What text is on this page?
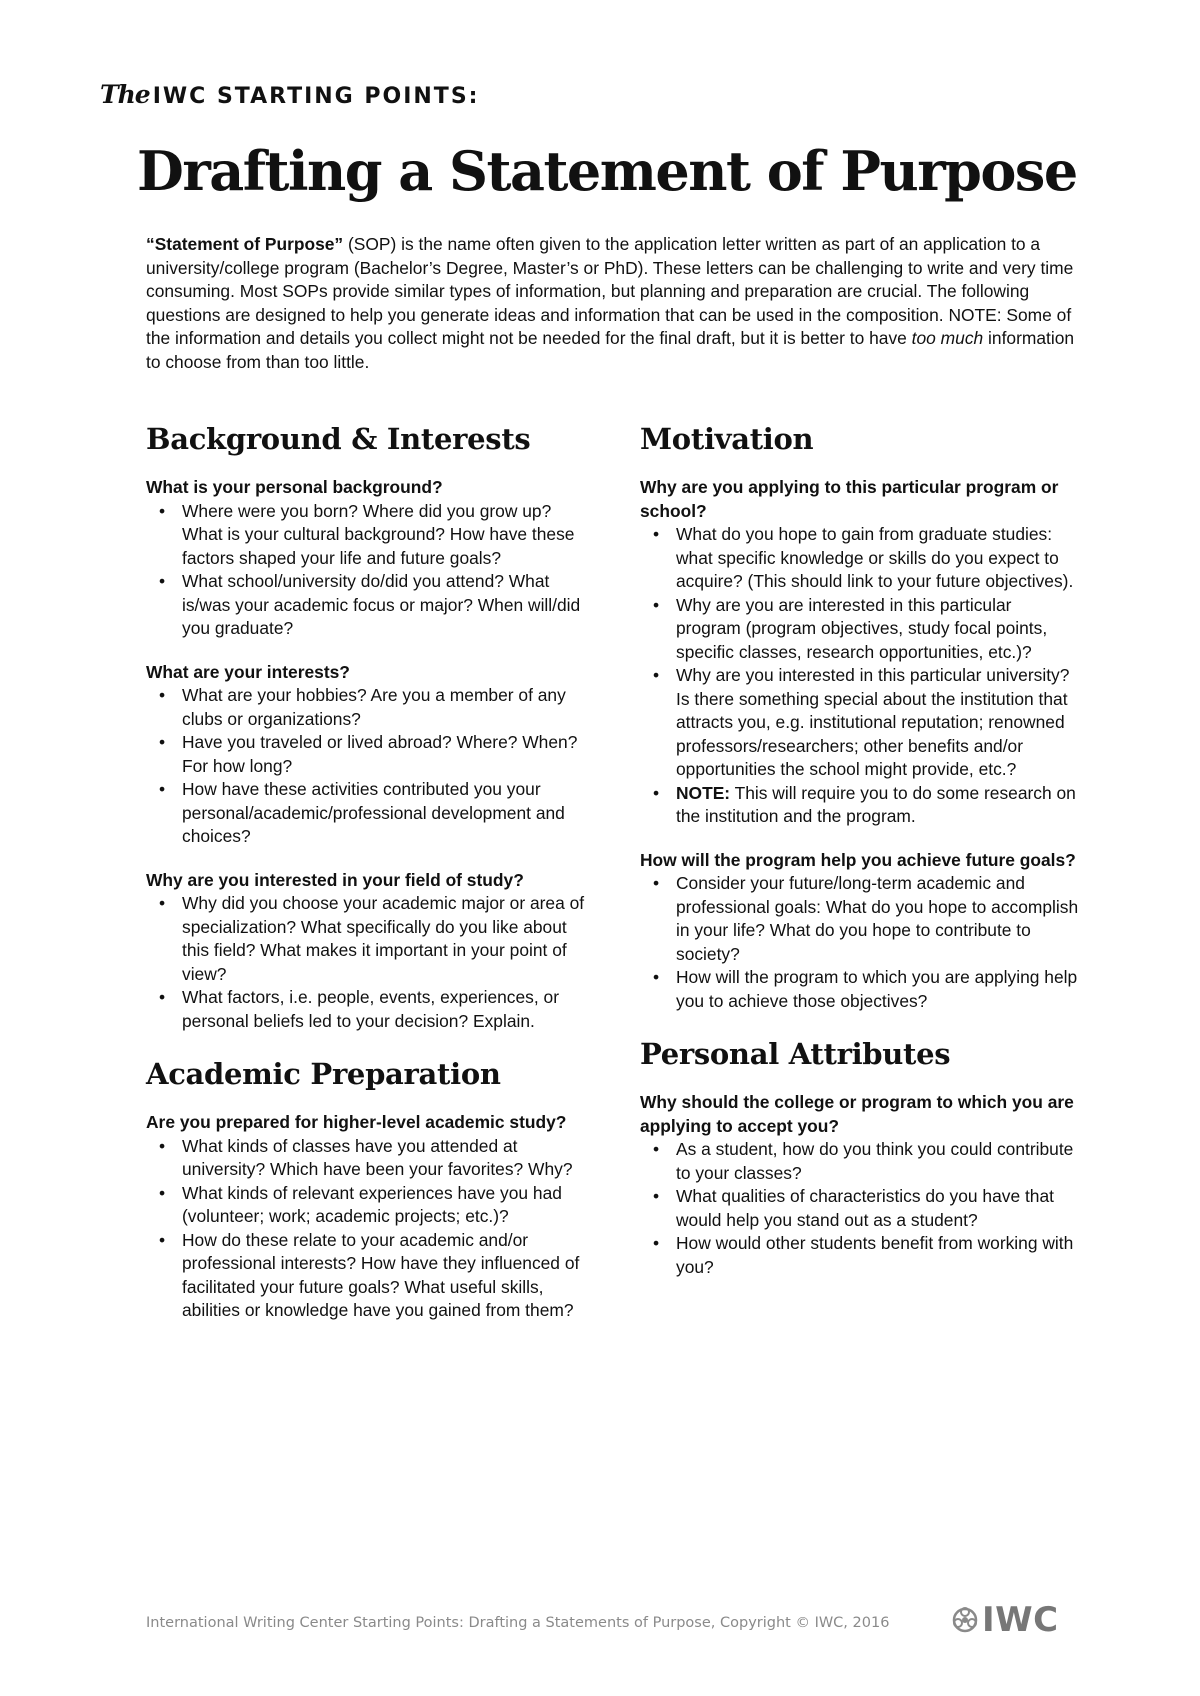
The IWC STARTING POINTS:
Drafting a Statement of Purpose

“Statement of Purpose” (SOP) is the name often given to the application letter written as part of an application to a university/college program (Bachelor’s Degree, Master’s or PhD). These letters can be challenging to write and very time consuming. Most SOPs provide similar types of information, but planning and preparation are crucial. The following questions are designed to help you generate ideas and information that can be used in the composition. NOTE: Some of the information and details you collect might not be needed for the final draft, but it is better to have too much information to choose from than too little.

Background & Interests

What is your personal background?

• Where were you born? Where did you grow up? What is your cultural background? How have these factors shaped your life and future goals?
• What school/university do/did you attend? What is/was your academic focus or major? When will/did you graduate?

What are your interests?

• What are your hobbies? Are you a member of any clubs or organizations?
• Have you traveled or lived abroad? Where? When? For how long?
• How have these activities contributed you your personal/academic/professional development and choices?

Why are you interested in your field of study?

• Why did you choose your academic major or area of specialization? What specifically do you like about this field? What makes it important in your point of view?
• What factors, i.e. people, events, experiences, or personal beliefs led to your decision? Explain.
Academic Preparation

Are you prepared for higher-level academic study?

• What kinds of classes have you attended at university? Which have been your favorites? Why?
• What kinds of relevant experiences have you had (volunteer; work; academic projects; etc.)?
• How do these relate to your academic and/or professional interests? How have they influenced of facilitated your future goals? What useful skills, abilities or knowledge have you gained from them?
Motivation

Why are you applying to this particular program or school?

• What do you hope to gain from graduate studies: what specific knowledge or skills do you expect to acquire? (This should link to your future objectives).
• Why are you are interested in this particular program (program objectives, study focal points, specific classes, research opportunities, etc.)?
• Why are you interested in this particular university? Is there something special about the institution that attracts you, e.g. institutional reputation; renowned professors/researchers; other benefits and/or opportunities the school might provide, etc.?
• NOTE: This will require you to do some research on the institution and the program.

How will the program help you achieve future goals?

• Consider your future/long-term academic and professional goals: What do you hope to accomplish in your life? What do you hope to contribute to society?
• How will the program to which you are applying help you to achieve those objectives?
Personal Attributes

Why should the college or program to which you are applying to accept you?

• As a student, how do you think you could contribute to your classes?
• What qualities of characteristics do you have that would help you stand out as a student?
• How would other students benefit from working with you?
International Writing Center Starting Points: Drafting a Statements of Purpose, Copyright © IWC, 2016	IWC
